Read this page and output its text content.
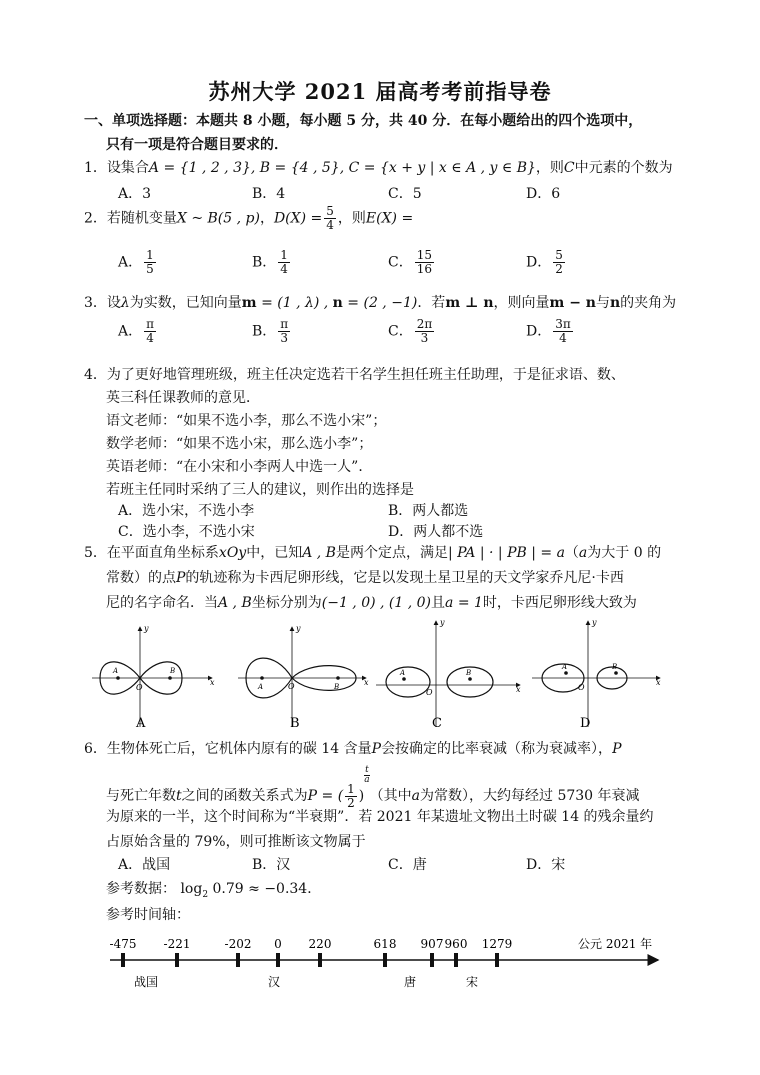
苏州大学 2021 届高考考前指导卷
一、单项选择题：本题共 8 小题，每小题 5 分，共 40 分．在每小题给出的四个选项中，
只有一项是符合题目要求的．
1．设集合A = {1 , 2 , 3}, B = {4 , 5}, C = {x + y | x ∈ A , y ∈ B}，则C中元素的个数为
A．3	B．4	C．5	D．6
2．若随机变量X ~ B(5 , p)，$D(X) = \frac{5}{4}$ ，则E(X) =
A． $\frac{1}{5}$	B． $\frac{1}{4}$	C． $\frac{15}{16}$	D． $\frac{5}{2}$
3．设λ为实数，已知向量m = (1 , λ) , n = (2 , −1)．若m ⊥ n，则向量m − n与n的夹角为
A． $\frac{\pi}{4}$	B． $\frac{\pi}{3}$	C． $\frac{2\pi}{3}$	D． $\frac{3\pi}{4}$
4．为了更好地管理班级，班主任决定选若干名学生担任班主任助理，于是征求语、数、
英三科任课教师的意见．
语文老师：“如果不选小李，那么不选小宋”；
数学老师：“如果不选小宋，那么选小李”；
英语老师：“在小宋和小李两人中选一人”．
若班主任同时采纳了三人的建议，则作出的选择是
A．选小宋，不选小李	B．两人都选
C．选小李，不选小宋	D．两人都不选
5．在平面直角坐标系xOy中，已知A , B是两个定点，满足| PA | · | PB | = a（a为大于 0 的
常数）的点P的轨迹称为卡西尼卵形线，它是以发现土星卫星的天文学家乔凡尼·卡西
尼的名字命名．当A , B坐标分别为(−1 , 0) , (1 , 0)且a = 1时，卡西尼卵形线大致为
y
x
A	B
O
A
y
x
A	B
O
B
y
x
A	B
O
C
y
x
A	B
O
D
6．生物体死亡后，它机体内原有的碳 14 含量P会按确定的比率衰减（称为衰减率），P
与死亡年数t之间的函数关系式为P = ( $\frac{1}{2}$ )
$^{\frac{t}{a}}$
（其中a为常数），大约每经过 5730 年衰减
为原来的一半，这个时间称为“半衰期”．若 2021 年某遗址文物出土时碳 14 的残余量约
占原始含量的 79%，则可推断该文物属于
A．战国	B．汉	C．唐	D．宋
参考数据： $\log_2 0.79 \approx -0.34$．
参考时间轴：
-475 -221	-202 0 220	618 907 960 1279	公元 2021 年
战国	汉	唐	宋
